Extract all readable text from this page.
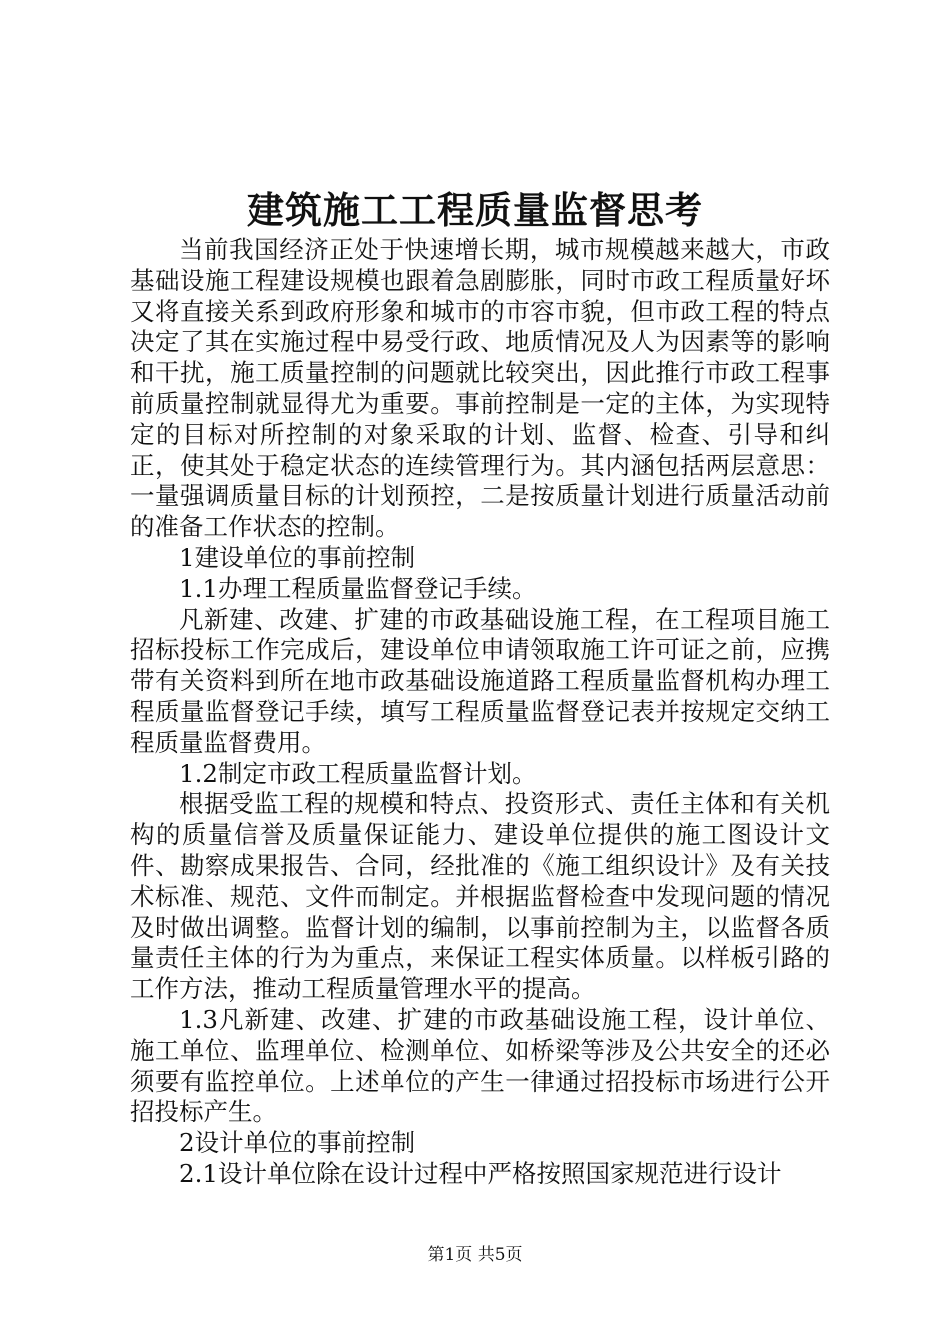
建筑施工工程质量监督思考

当前我国经济正处于快速增长期，城市规模越来越大，市政基础设施工程建设规模也跟着急剧膨胀，同时市政工程质量好坏又将直接关系到政府形象和城市的市容市貌，但市政工程的特点决定了其在实施过程中易受行政、地质情况及人为因素等的影响和干扰，施工质量控制的问题就比较突出，因此推行市政工程事前质量控制就显得尤为重要。事前控制是一定的主体，为实现特定的目标对所控制的对象采取的计划、监督、检查、引导和纠正，使其处于稳定状态的连续管理行为。其内涵包括两层意思：一量强调质量目标的计划预控，二是按质量计划进行质量活动前的准备工作状态的控制。

1建设单位的事前控制

1.1办理工程质量监督登记手续。

凡新建、改建、扩建的市政基础设施工程，在工程项目施工招标投标工作完成后，建设单位申请领取施工许可证之前，应携带有关资料到所在地市政基础设施道路工程质量监督机构办理工程质量监督登记手续，填写工程质量监督登记表并按规定交纳工程质量监督费用。

1.2制定市政工程质量监督计划。

根据受监工程的规模和特点、投资形式、责任主体和有关机构的质量信誉及质量保证能力、建设单位提供的施工图设计文件、勘察成果报告、合同，经批准的《施工组织设计》及有关技术标准、规范、文件而制定。并根据监督检查中发现问题的情况及时做出调整。监督计划的编制，以事前控制为主，以监督各质量责任主体的行为为重点，来保证工程实体质量。以样板引路的工作方法，推动工程质量管理水平的提高。

1.3凡新建、改建、扩建的市政基础设施工程，设计单位、施工单位、监理单位、检测单位、如桥梁等涉及公共安全的还必须要有监控单位。上述单位的产生一律通过招投标市场进行公开招投标产生。

2设计单位的事前控制

2.1设计单位除在设计过程中严格按照国家规范进行设计

第1页 共5页
